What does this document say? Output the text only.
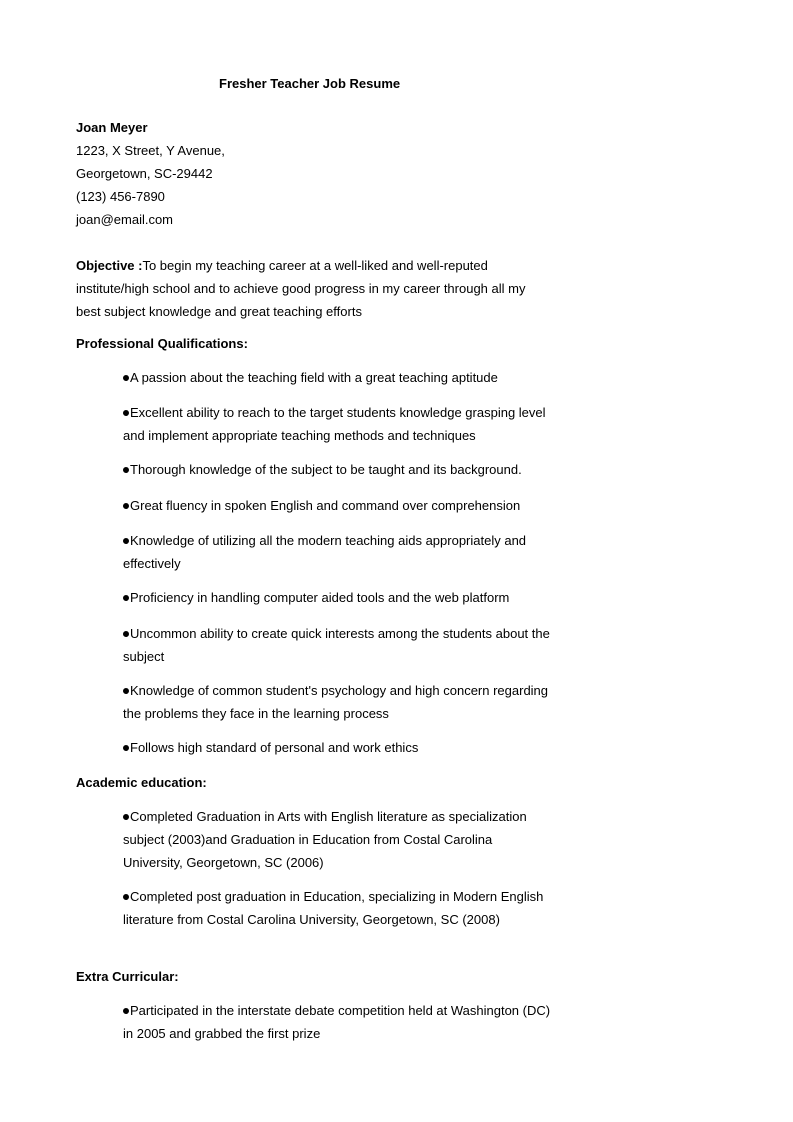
Fresher Teacher Job Resume
Joan Meyer
1223, X Street, Y Avenue,
Georgetown, SC-29442
(123) 456-7890
joan@email.com

Objective :To begin my teaching career at a well-liked and well-reputed institute/high school and to achieve good progress in my career through all my best subject knowledge and great teaching efforts

Professional Qualifications:

A passion about the teaching field with a great teaching aptitude

Excellent ability to reach to the target students knowledge grasping level and implement appropriate teaching methods and techniques

Thorough knowledge of the subject to be taught and its background.

Great fluency in spoken English and command over comprehension

Knowledge of utilizing all the modern teaching aids appropriately and effectively

Proficiency in handling computer aided tools and the web platform

Uncommon ability to create quick interests among the students about the subject

Knowledge of common student's psychology and high concern regarding the problems they face in the learning process

Follows high standard of personal and work ethics

Academic education:

Completed Graduation in Arts with English literature as specialization subject (2003)and Graduation in Education from Costal Carolina University, Georgetown, SC (2006)

Completed post graduation in Education, specializing in Modern English literature from Costal Carolina University, Georgetown, SC (2008)

Extra Curricular:

Participated in the interstate debate competition held at Washington (DC) in 2005 and grabbed the first prize
